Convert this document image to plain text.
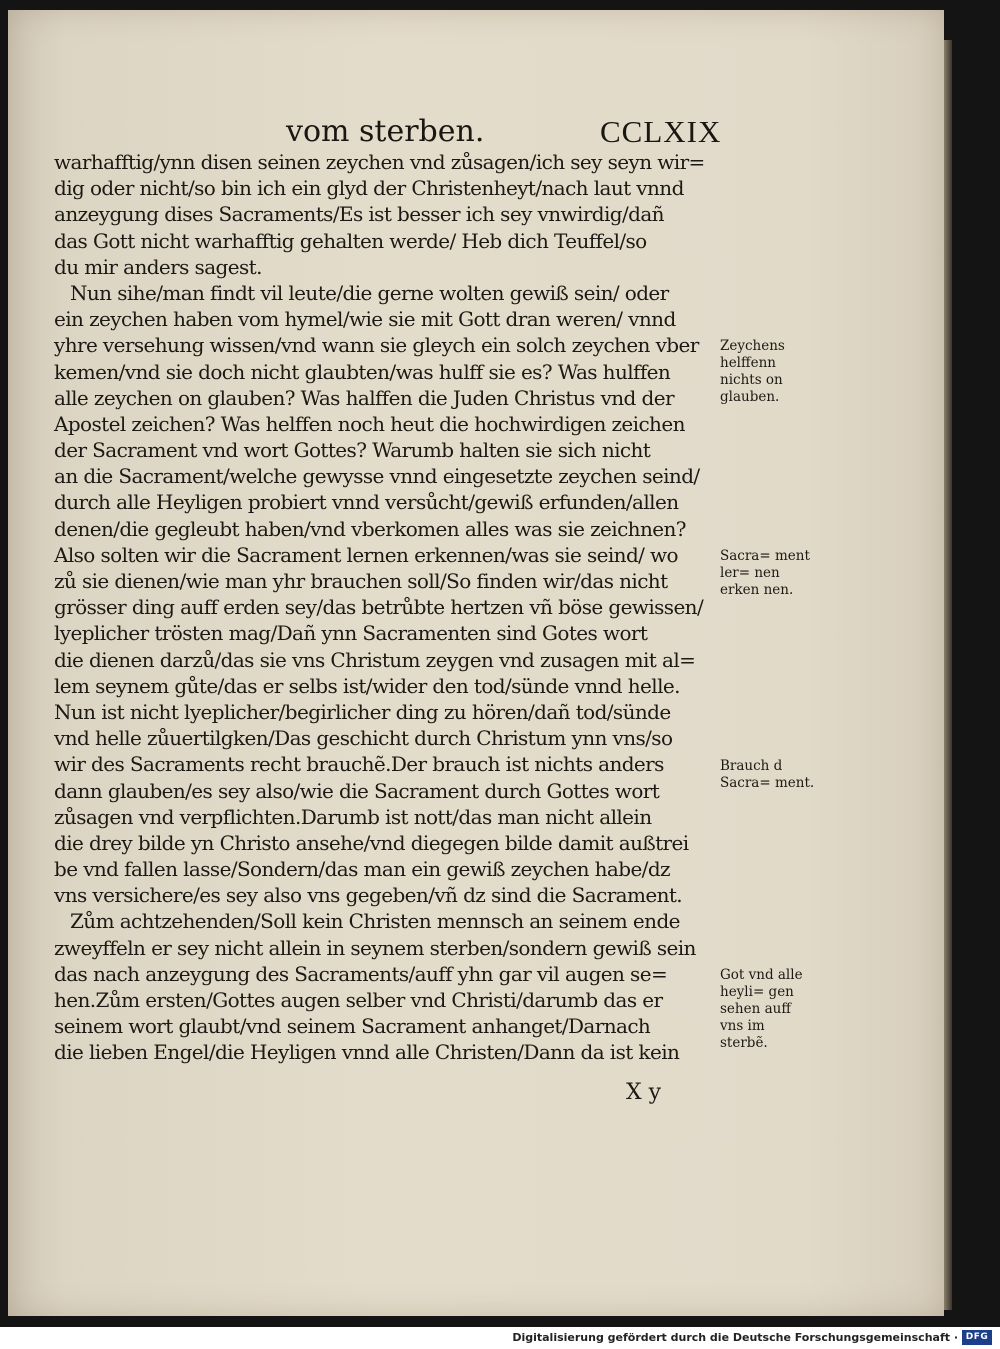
vom sterben.	CCLXIX
warhafftig/ynn disen seinen zeychen vnd zůsagen/ich sey seyn wir=
dig oder nicht/so bin ich ein glyd der Christenheyt/nach laut vnnd
anzeygung dises Sacraments/Es ist besser ich sey vnwirdig/dañ
das Gott nicht warhafftig gehalten werde/ Heb dich Teuffel/so
du mir anders sagest.
Nun sihe/man findt vil leute/die gerne wolten gewiß sein/ oder
ein zeychen haben vom hymel/wie sie mit Gott dran weren/ vnnd
yhre versehung wissen/vnd wann sie gleych ein solch zeychen vber
kemen/vnd sie doch nicht glaubten/was hulff sie es? Was hulffen
alle zeychen on glauben? Was halffen die Juden Christus vnd der
Apostel zeichen? Was helffen noch heut die hochwirdigen zeichen
der Sacrament vnd wort Gottes? Warumb halten sie sich nicht
an die Sacrament/welche gewysse vnnd eingesetzte zeychen seind/
durch alle Heyligen probiert vnnd versůcht/gewiß erfunden/allen
denen/die gegleubt haben/vnd vberkomen alles was sie zeichnen?
Also solten wir die Sacrament lernen erkennen/was sie seind/ wo
zů sie dienen/wie man yhr brauchen soll/So finden wir/das nicht
grösser ding auff erden sey/das betrůbte hertzen vñ böse gewissen/
lyeplicher trösten mag/Dañ ynn Sacramenten sind Gotes wort
die dienen darzů/das sie vns Christum zeygen vnd zusagen mit al=
lem seynem gůte/das er selbs ist/wider den tod/sünde vnnd helle.
Nun ist nicht lyeplicher/begirlicher ding zu hören/dañ tod/sünde
vnd helle zůuertilgken/Das geschicht durch Christum ynn vns/so
wir des Sacraments recht brauchẽ.Der brauch ist nichts anders
dann glauben/es sey also/wie die Sacrament durch Gottes wort
zůsagen vnd verpflichten.Darumb ist nott/das man nicht allein
die drey bilde yn Christo ansehe/vnd diegegen bilde damit außtrei
be vnd fallen lasse/Sondern/das man ein gewiß zeychen habe/dz
vns versichere/es sey also vns gegeben/vñ dz sind die Sacrament.
Zům achtzehenden/Soll kein Christen mennsch an seinem ende
zweyffeln er sey nicht allein in seynem sterben/sondern gewiß sein
das nach anzeygung des Sacraments/auff yhn gar vil augen se=
hen.Zům ersten/Gottes augen selber vnd Christi/darumb das er
seinem wort glaubt/vnd seinem Sacrament anhanget/Darnach
die lieben Engel/die Heyligen vnnd alle Christen/Dann da ist kein
Zeychens helffenn nichts on glauben.
Sacra= ment ler= nen erken nen.
Brauch d Sacra= ment.
Got vnd alle heyli= gen sehen auff vns im sterbẽ.
X y
Digitalisierung gefördert durch die Deutsche Forschungsgemeinschaft · DFG
